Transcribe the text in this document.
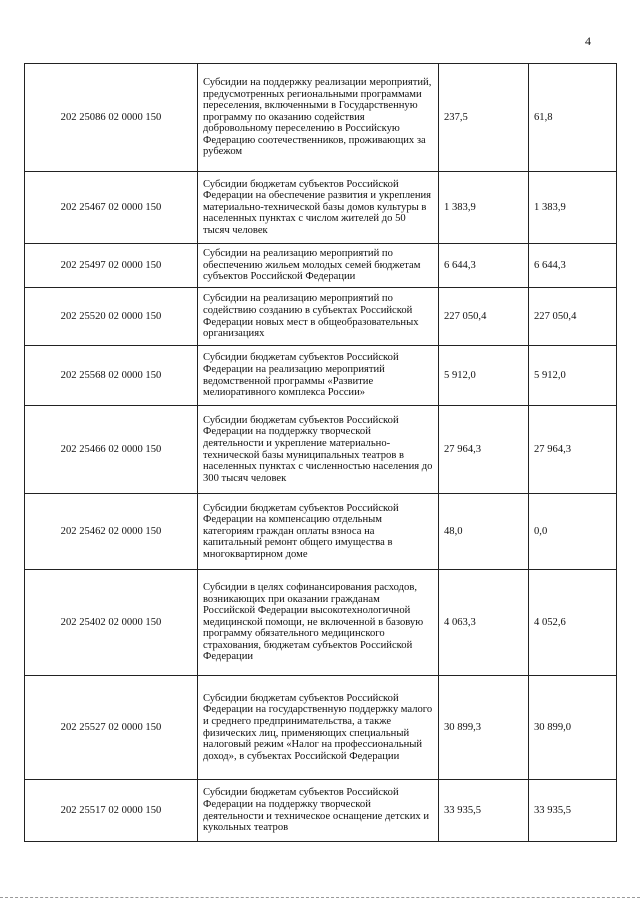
4
202 25086 02 0000 150	Субсидии на поддержку реализации мероприятий, предусмотренных региональными программами переселения, включенными в Государственную программу по оказанию содействия добровольному переселению в Российскую Федерацию соотечественников, проживающих за рубежом	237,5	61,8
202 25467 02 0000 150	Субсидии бюджетам субъектов Российской Федерации на обеспечение развития и укрепления материально-технической базы домов культуры в населенных пунктах с числом жителей до 50 тысяч человек	1 383,9	1 383,9
202 25497 02 0000 150	Субсидии на реализацию мероприятий по обеспечению жильем молодых семей бюджетам субъектов Российской Федерации	6 644,3	6 644,3
202 25520 02 0000 150	Субсидии на реализацию мероприятий по содействию созданию в субъектах Российской Федерации новых мест в общеобразовательных организациях	227 050,4	227 050,4
202 25568 02 0000 150	Субсидии бюджетам субъектов Российской Федерации на реализацию мероприятий ведомственной программы «Развитие мелиоративного комплекса России»	5 912,0	5 912,0
202 25466 02 0000 150	Субсидии бюджетам субъектов Российской Федерации на поддержку творческой деятельности и укрепление материально-технической базы муниципальных театров в населенных пунктах с численностью населения до 300 тысяч человек	27 964,3	27 964,3
202 25462 02 0000 150	Субсидии бюджетам субъектов Российской Федерации на компенсацию отдельным категориям граждан оплаты взноса на капитальный ремонт общего имущества в многоквартирном доме	48,0	0,0
202 25402 02 0000 150	Субсидии в целях софинансирования расходов, возникающих при оказании гражданам Российской Федерации высокотехнологичной медицинской помощи, не включенной в базовую программу обязательного медицинского страхования, бюджетам субъектов Российской Федерации	4 063,3	4 052,6
202 25527 02 0000 150	Субсидии бюджетам субъектов Российской Федерации на государственную поддержку малого и среднего предпринимательства, а также физических лиц, применяющих специальный налоговый режим «Налог на профессиональный доход», в субъектах Российской Федерации	30 899,3	30 899,0
202 25517 02 0000 150	Субсидии бюджетам субъектов Российской Федерации на поддержку творческой деятельности и техническое оснащение детских и кукольных театров	33 935,5	33 935,5
